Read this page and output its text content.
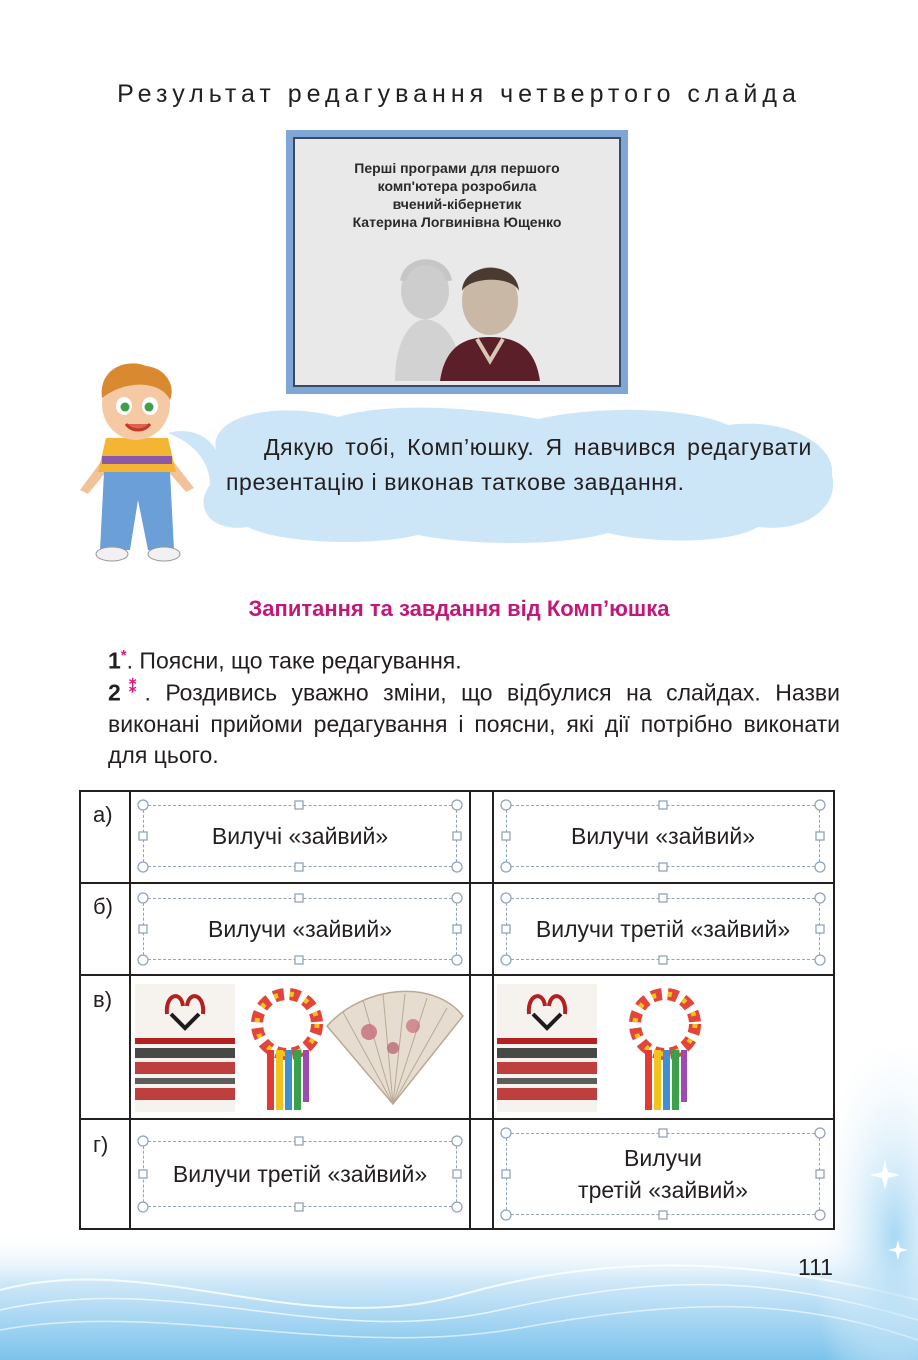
Результат редагування четвертого слайда
Перші програми для першого
комп'ютера розробила
вчений-кібернетик
Катерина Логвинівна Ющенко
Дякую тобі, Комп’юшку. Я навчився редагувати презентацію і виконав таткове завдання.
Запитання та завдання від Комп’юшка
1*. Поясни, що таке редагування.
2⁑. Роздивись уважно зміни, що відбулися на слайдах. Назви виконані прийоми редагування і поясни, які дії потрібно виконати для цього.
а)
б)
в)
г)
Вилучі «зайвий»	Вилучи «зайвий»
Вилучи «зайвий»	Вилучи третій «зайвий»
Вилучи третій «зайвий»
Вилучи
третій «зайвий»
111
